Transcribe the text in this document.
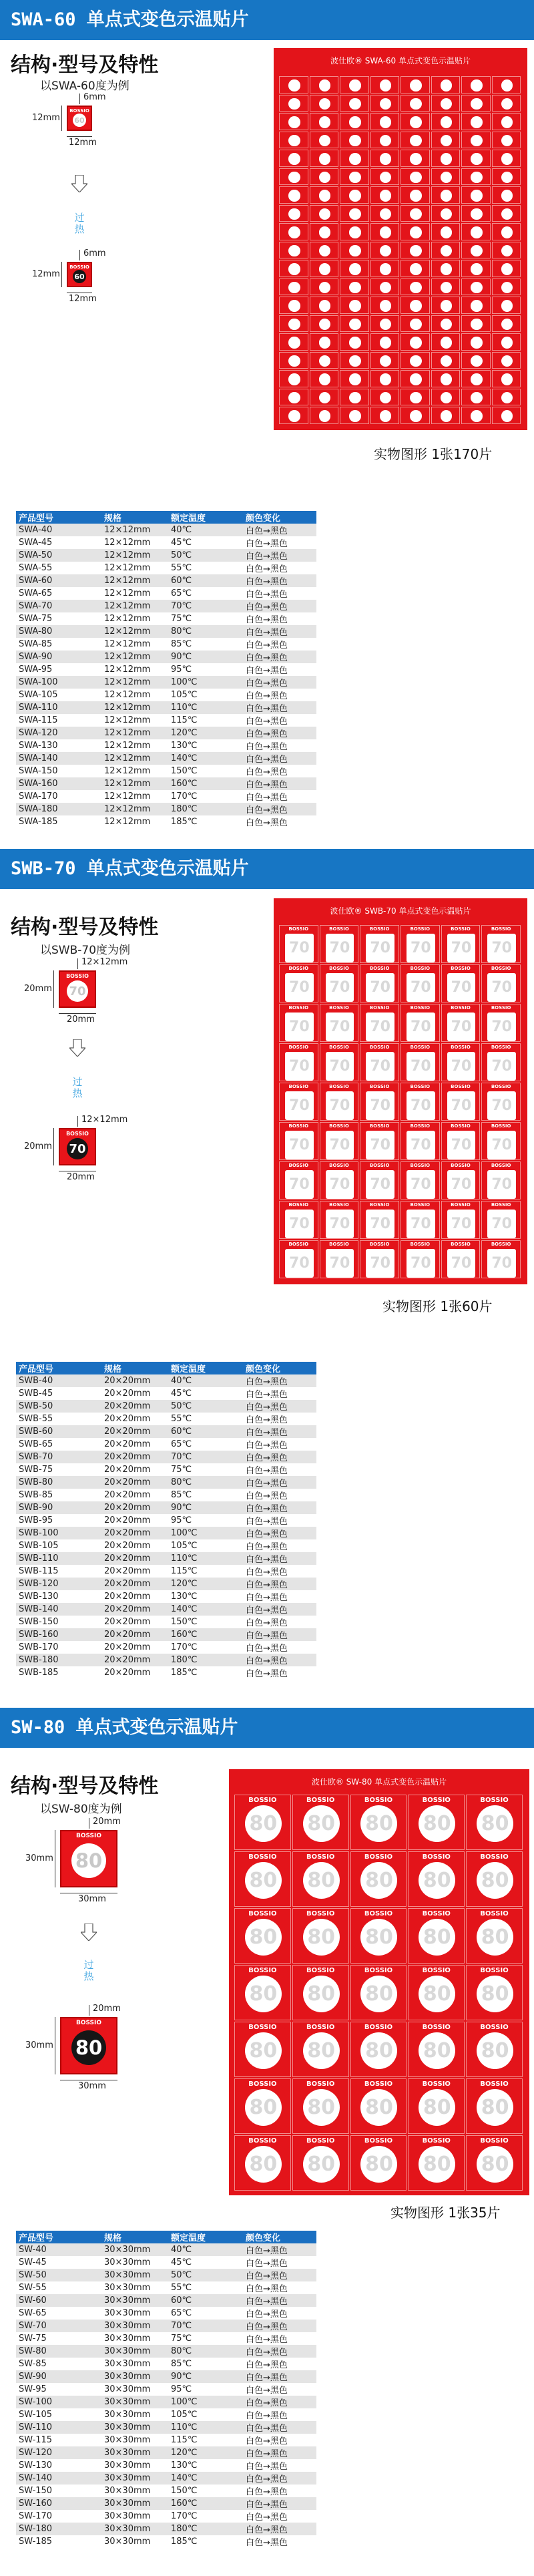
SWA-60 单点式变色示温贴片
结构·型号及特性
以SWA-60度为例
BOSSIO
60
12mm
12mm
6mm
BOSSIO
60
12mm
12mm
6mm
过热
波仕欧® SWA-60 单点式变色示温贴片
实物图形 1张170片
产品型号	规格	额定温度	颜色变化
SWA-40	12×12mm	40℃	白色→黑色
SWA-45	12×12mm	45℃	白色→黑色
SWA-50	12×12mm	50℃	白色→黑色
SWA-55	12×12mm	55℃	白色→黑色
SWA-60	12×12mm	60℃	白色→黑色
SWA-65	12×12mm	65℃	白色→黑色
SWA-70	12×12mm	70℃	白色→黑色
SWA-75	12×12mm	75℃	白色→黑色
SWA-80	12×12mm	80℃	白色→黑色
SWA-85	12×12mm	85℃	白色→黑色
SWA-90	12×12mm	90℃	白色→黑色
SWA-95	12×12mm	95℃	白色→黑色
SWA-100	12×12mm	100℃	白色→黑色
SWA-105	12×12mm	105℃	白色→黑色
SWA-110	12×12mm	110℃	白色→黑色
SWA-115	12×12mm	115℃	白色→黑色
SWA-120	12×12mm	120℃	白色→黑色
SWA-130	12×12mm	130℃	白色→黑色
SWA-140	12×12mm	140℃	白色→黑色
SWA-150	12×12mm	150℃	白色→黑色
SWA-160	12×12mm	160℃	白色→黑色
SWA-170	12×12mm	170℃	白色→黑色
SWA-180	12×12mm	180℃	白色→黑色
SWA-185	12×12mm	185℃	白色→黑色
SWB-70 单点式变色示温贴片
结构·型号及特性
以SWB-70度为例
BOSSIO
70
20mm
20mm
12×12mm
BOSSIO
70
20mm
20mm
12×12mm
过热
波仕欧® SWB-70 单点式变色示温贴片
BOSSIO
70
BOSSIO
70
BOSSIO
70
BOSSIO
70
BOSSIO
70
BOSSIO
70
BOSSIO
70
BOSSIO
70
BOSSIO
70
BOSSIO
70
BOSSIO
70
BOSSIO
70
BOSSIO
70
BOSSIO
70
BOSSIO
70
BOSSIO
70
BOSSIO
70
BOSSIO
70
BOSSIO
70
BOSSIO
70
BOSSIO
70
BOSSIO
70
BOSSIO
70
BOSSIO
70
BOSSIO
70
BOSSIO
70
BOSSIO
70
BOSSIO
70
BOSSIO
70
BOSSIO
70
BOSSIO
70
BOSSIO
70
BOSSIO
70
BOSSIO
70
BOSSIO
70
BOSSIO
70
BOSSIO
70
BOSSIO
70
BOSSIO
70
BOSSIO
70
BOSSIO
70
BOSSIO
70
BOSSIO
70
BOSSIO
70
BOSSIO
70
BOSSIO
70
BOSSIO
70
BOSSIO
70
BOSSIO
70
BOSSIO
70
BOSSIO
70
BOSSIO
70
BOSSIO
70
BOSSIO
70
实物图形 1张60片
产品型号	规格	额定温度	颜色变化
SWB-40	20×20mm	40℃	白色→黑色
SWB-45	20×20mm	45℃	白色→黑色
SWB-50	20×20mm	50℃	白色→黑色
SWB-55	20×20mm	55℃	白色→黑色
SWB-60	20×20mm	60℃	白色→黑色
SWB-65	20×20mm	65℃	白色→黑色
SWB-70	20×20mm	70℃	白色→黑色
SWB-75	20×20mm	75℃	白色→黑色
SWB-80	20×20mm	80℃	白色→黑色
SWB-85	20×20mm	85℃	白色→黑色
SWB-90	20×20mm	90℃	白色→黑色
SWB-95	20×20mm	95℃	白色→黑色
SWB-100	20×20mm	100℃	白色→黑色
SWB-105	20×20mm	105℃	白色→黑色
SWB-110	20×20mm	110℃	白色→黑色
SWB-115	20×20mm	115℃	白色→黑色
SWB-120	20×20mm	120℃	白色→黑色
SWB-130	20×20mm	130℃	白色→黑色
SWB-140	20×20mm	140℃	白色→黑色
SWB-150	20×20mm	150℃	白色→黑色
SWB-160	20×20mm	160℃	白色→黑色
SWB-170	20×20mm	170℃	白色→黑色
SWB-180	20×20mm	180℃	白色→黑色
SWB-185	20×20mm	185℃	白色→黑色
SW-80 单点式变色示温贴片
结构·型号及特性
以SW-80度为例
BOSSIO
80
30mm
30mm
20mm
BOSSIO
80
30mm
30mm
20mm
过热
波仕欧® SW-80 单点式变色示温贴片
BOSSIO
80
BOSSIO
80
BOSSIO
80
BOSSIO
80
BOSSIO
80
BOSSIO
80
BOSSIO
80
BOSSIO
80
BOSSIO
80
BOSSIO
80
BOSSIO
80
BOSSIO
80
BOSSIO
80
BOSSIO
80
BOSSIO
80
BOSSIO
80
BOSSIO
80
BOSSIO
80
BOSSIO
80
BOSSIO
80
BOSSIO
80
BOSSIO
80
BOSSIO
80
BOSSIO
80
BOSSIO
80
BOSSIO
80
BOSSIO
80
BOSSIO
80
BOSSIO
80
BOSSIO
80
BOSSIO
80
BOSSIO
80
BOSSIO
80
BOSSIO
80
BOSSIO
80
实物图形 1张35片
产品型号	规格	额定温度	颜色变化
SW-40	30×30mm	40℃	白色→黑色
SW-45	30×30mm	45℃	白色→黑色
SW-50	30×30mm	50℃	白色→黑色
SW-55	30×30mm	55℃	白色→黑色
SW-60	30×30mm	60℃	白色→黑色
SW-65	30×30mm	65℃	白色→黑色
SW-70	30×30mm	70℃	白色→黑色
SW-75	30×30mm	75℃	白色→黑色
SW-80	30×30mm	80℃	白色→黑色
SW-85	30×30mm	85℃	白色→黑色
SW-90	30×30mm	90℃	白色→黑色
SW-95	30×30mm	95℃	白色→黑色
SW-100	30×30mm	100℃	白色→黑色
SW-105	30×30mm	105℃	白色→黑色
SW-110	30×30mm	110℃	白色→黑色
SW-115	30×30mm	115℃	白色→黑色
SW-120	30×30mm	120℃	白色→黑色
SW-130	30×30mm	130℃	白色→黑色
SW-140	30×30mm	140℃	白色→黑色
SW-150	30×30mm	150℃	白色→黑色
SW-160	30×30mm	160℃	白色→黑色
SW-170	30×30mm	170℃	白色→黑色
SW-180	30×30mm	180℃	白色→黑色
SW-185	30×30mm	185℃	白色→黑色
